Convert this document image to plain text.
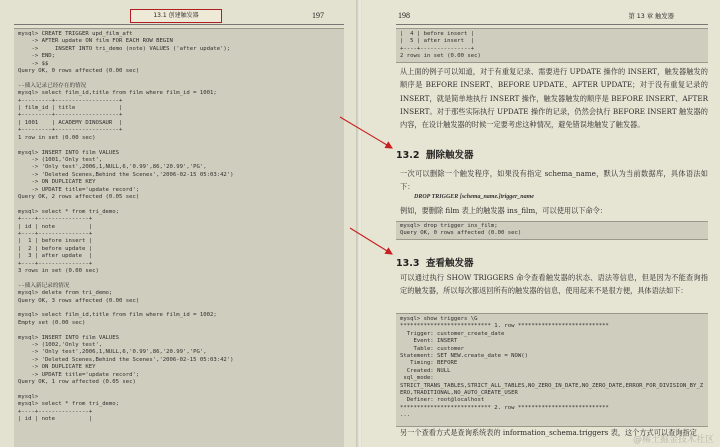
13.1 创建触发器	197
mysql> CREATE TRIGGER upd_film_aft
-> AFTER update ON film FOR EACH ROW BEGIN
->     INSERT INTO tri_demo (note) VALUES ('after update');
-> END;
-> $$
Query OK, 0 rows affected (0.00 sec)

--插入记录已经存在的情况
mysql> select film_id,title from film where film_id = 1001;
+---------+-------------------+
| film_id | title             |
+---------+-------------------+
| 1001    | ACADEMY DINOSAUR  |
+---------+-------------------+
1 row in set (0.00 sec)

mysql> INSERT INTO film VALUES
-> (1001,'Only test',
-> 'Only test',2006,1,NULL,6,'0.99',86,'20.99','PG',
-> 'Deleted Scenes,Behind the Scenes','2006-02-15 05:03:42')
-> ON DUPLICATE KEY
-> UPDATE title='update record';
Query OK, 2 rows affected (0.05 sec)

mysql> select * from tri_demo;
+----+---------------+
| id | note          |
+----+---------------+
|  1 | before insert |
|  2 | before update |
|  3 | after update  |
+----+---------------+
3 rows in set (0.00 sec)

--插入新记录的情况
mysql> delete from tri_demo;
Query OK, 3 rows affected (0.00 sec)

mysql> select film_id,title from film where film_id = 1002;
Empty set (0.00 sec)

mysql> INSERT INTO film VALUES
-> (1002,'Only test',
-> 'Only test',2006,1,NULL,6,'0.99',86,'20.99','PG',
-> 'Deleted Scenes,Behind the Scenes','2006-02-15 05:03:42')
-> ON DUPLICATE KEY
-> UPDATE title='update record';
Query OK, 1 row affected (0.05 sec)

mysql>
mysql> select * from tri_demo;
+----+---------------+
| id | note          |
198	第 13 章 触发器
|  4 | before insert |
|  5 | after insert  |
+----+---------------+
2 rows in set (0.00 sec)
从上面的例子可以知道，对于有重复记录、需要进行 UPDATE 操作的 INSERT，触发器触发的顺序是 BEFORE INSERT、BEFORE UPDATE、AFTER UPDATE；对于没有重复记录的 INSERT，就是简单地执行 INSERT 操作，触发器触发的顺序是 BEFORE INSERT、AFTER INSERT。对于那些实际执行 UPDATE 操作的记录，仍然会执行 BEFORE INSERT 触发器的内容，在设计触发器的时候一定要考虑这种情况，避免错误地触发了触发器。
13.2 删除触发器
一次可以删除一个触发程序，如果没有指定 schema_name，默认为当前数据库，具体语法如下：
DROP TRIGGER [schema_name.]trigger_name
例如，要删除 film 表上的触发器 ins_film，可以使用以下命令：
mysql> drop trigger ins_film;
Query OK, 0 rows affected (0.00 sec)
13.3 查看触发器
可以通过执行 SHOW TRIGGERS 命令查看触发器的状态、语法等信息，但是因为不能查询指定的触发器，所以每次都返回所有的触发器的信息，使用起来不是很方便，具体语法如下：
mysql> show triggers \G
*************************** 1. row ***************************
Trigger: customer_create_date
Event: INSERT
Table: customer
Statement: SET NEW.create_date = NOW()
Timing: BEFORE
Created: NULL
sql_mode:
STRICT_TRANS_TABLES,STRICT_ALL_TABLES,NO_ZERO_IN_DATE,NO_ZERO_DATE,ERROR_FOR_DIVISION_BY_Z
ERO,TRADITIONAL,NO_AUTO_CREATE_USER
Definer: root@localhost
*************************** 2. row ***************************
...
另一个查看方式是查询系统表的 information_schema.triggers 表，这个方式可以查询指定
@稀土掘金技术社区
